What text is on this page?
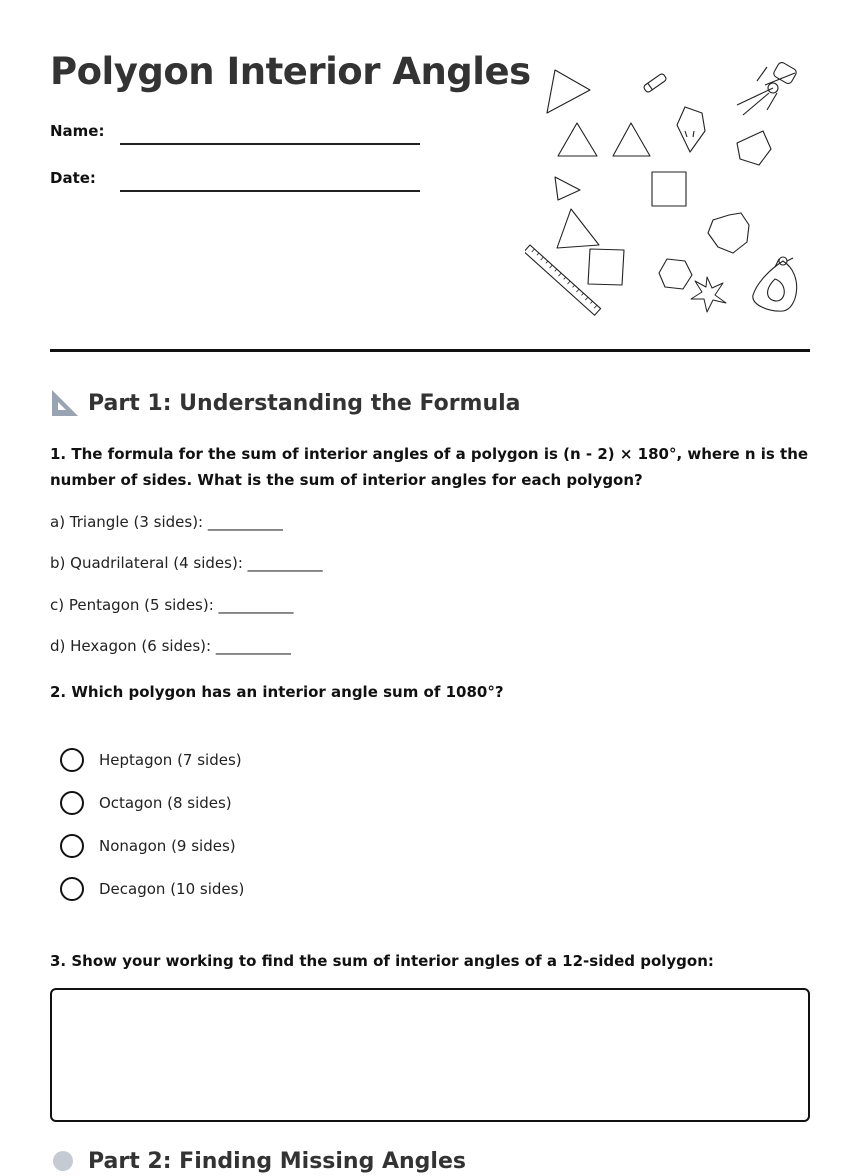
Polygon Interior Angles
Name:
Date:
Part 1: Understanding the Formula

1. The formula for the sum of interior angles of a polygon is (n - 2) × 180°, where n is the number of sides. What is the sum of interior angles for each polygon?

a) Triangle (3 sides): __________
b) Quadrilateral (4 sides): __________
c) Pentagon (5 sides): __________
d) Hexagon (6 sides): __________

2. Which polygon has an interior angle sum of 1080°?

Heptagon (7 sides)
Octagon (8 sides)
Nonagon (9 sides)
Decagon (10 sides)

3. Show your working to find the sum of interior angles of a 12-sided polygon:

Part 2: Finding Missing Angles
